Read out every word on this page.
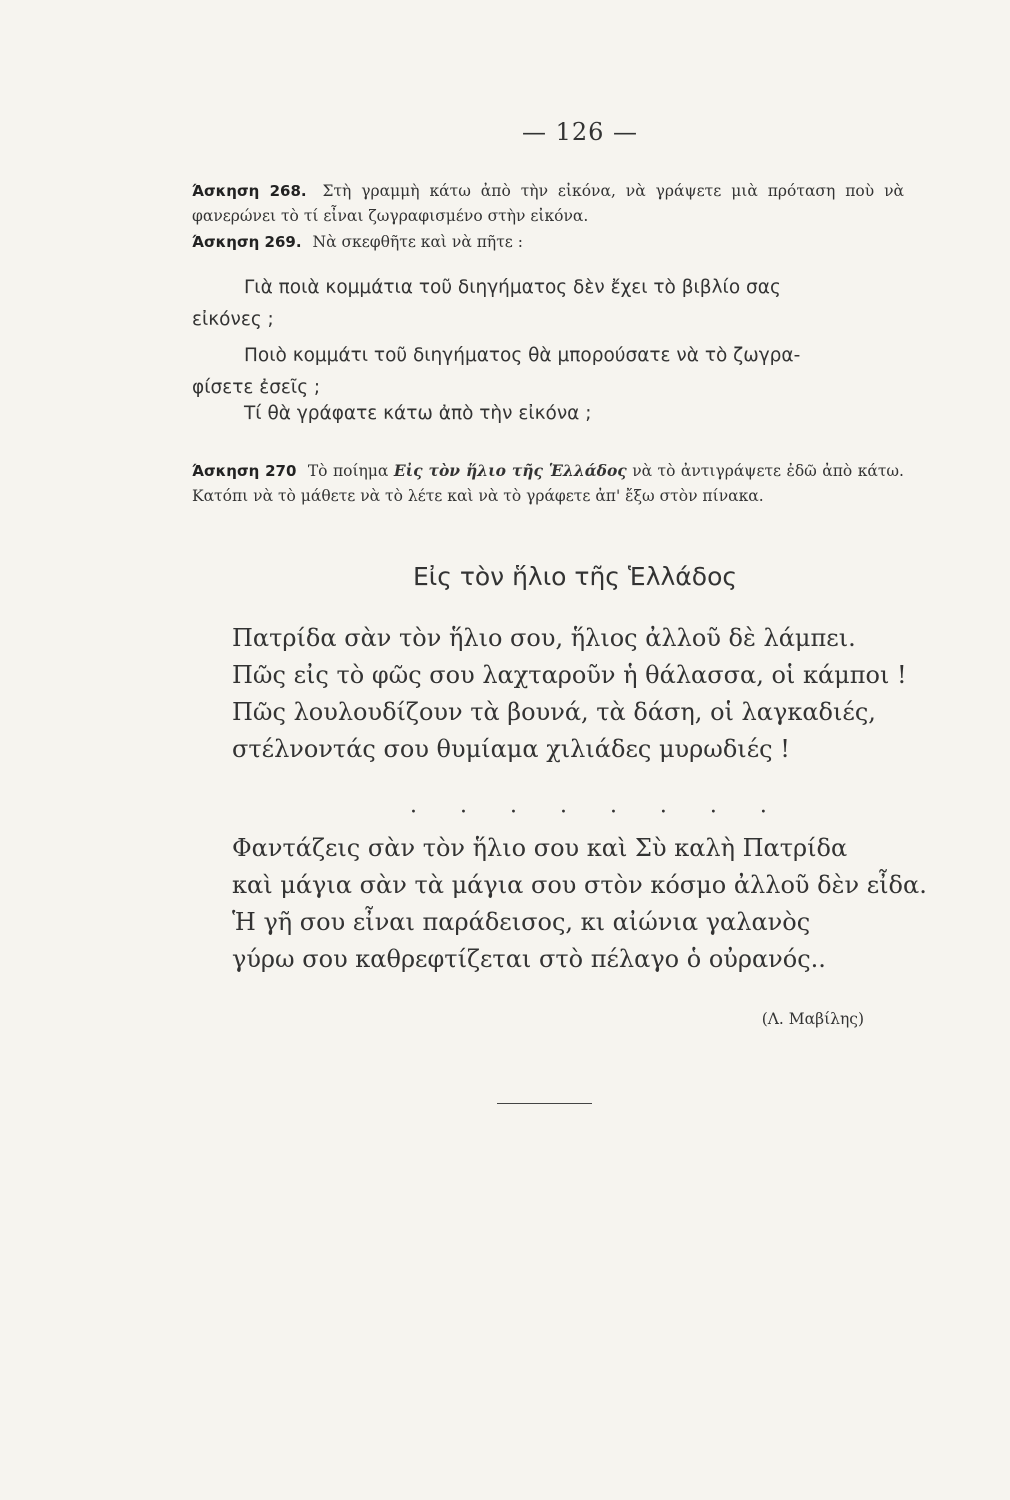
— 126 —
Άσκηση 268. Στὴ γραμμὴ κάτω ἀπὸ τὴν εἰκόνα, νὰ γράψετε μιὰ πρόταση ποὺ νὰ φανερώνει τὸ τί εἶναι ζωγραφισμένο στὴν εἰκόνα.
Άσκηση 269. Νὰ σκεφθῆτε καὶ νὰ πῆτε :
Γιὰ ποιὰ κομμάτια τοῦ διηγήματος δὲν ἔχει τὸ βιβλίο σας
εἰκόνες ;
Ποιὸ κομμάτι τοῦ διηγήματος θὰ μπορούσατε νὰ τὸ ζωγρα-
φίσετε ἐσεῖς ;
Τί θὰ γράφατε κάτω ἀπὸ τὴν εἰκόνα ;
Άσκηση 270 Τὸ ποίημα Εἰς τὸν ἥλιο τῆς Ἑλλάδος νὰ τὸ ἀντιγράψετε ἐδῶ ἀπὸ κάτω. Κατόπι νὰ τὸ μάθετε νὰ τὸ λέτε καὶ νὰ τὸ γράφετε ἀπ' ἔξω στὸν πίνακα.
Εἰς τὸν ἥλιο τῆς Ἑλλάδος
Πατρίδα σὰν τὸν ἥλιο σου, ἥλιος ἀλλοῦ δὲ λάμπει.
Πῶς εἰς τὸ φῶς σου λαχταροῦν ἡ θάλασσα, οἱ κάμποι !
Πῶς λουλουδίζουν τὰ βουνά, τὰ δάση, οἱ λαγκαδιές,
στέλνοντάς σου θυμίαμα χιλιάδες μυρωδιές !
· · · · · · · ·
Φαντάζεις σὰν τὸν ἥλιο σου καὶ Σὺ καλὴ Πατρίδα
καὶ μάγια σὰν τὰ μάγια σου στὸν κόσμο ἀλλοῦ δὲν εἶδα.
Ἡ γῆ σου εἶναι παράδεισος, κι αἰώνια γαλανὸς
γύρω σου καθρεφτίζεται στὸ πέλαγο ὁ οὐρανός..
(Λ. Μαβίλης)
